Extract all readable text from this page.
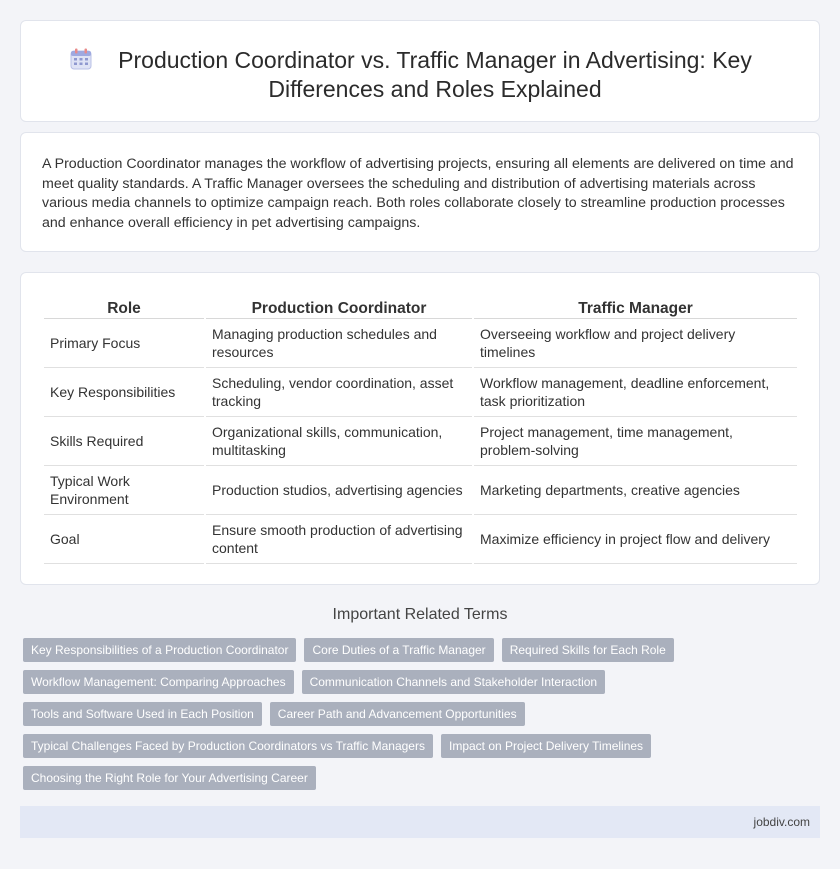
Production Coordinator vs. Traffic Manager in Advertising: Key Differences and Roles Explained

A Production Coordinator manages the workflow of advertising projects, ensuring all elements are delivered on time and meet quality standards. A Traffic Manager oversees the scheduling and distribution of advertising materials across various media channels to optimize campaign reach. Both roles collaborate closely to streamline production processes and enhance overall efficiency in pet advertising campaigns.

Role	Production Coordinator	Traffic Manager
Primary Focus	Managing production schedules and resources	Overseeing workflow and project delivery timelines
Key Responsibilities	Scheduling, vendor coordination, asset tracking	Workflow management, deadline enforcement, task prioritization
Skills Required	Organizational skills, communication, multitasking	Project management, time management, problem-solving
Typical Work Environment	Production studios, advertising agencies	Marketing departments, creative agencies
Goal	Ensure smooth production of advertising content	Maximize efficiency in project flow and delivery
Important Related Terms
Key Responsibilities of a Production Coordinator	Core Duties of a Traffic Manager	Required Skills for Each Role
Workflow Management: Comparing Approaches	Communication Channels and Stakeholder Interaction
Tools and Software Used in Each Position	Career Path and Advancement Opportunities
Typical Challenges Faced by Production Coordinators vs Traffic Managers	Impact on Project Delivery Timelines
Choosing the Right Role for Your Advertising Career
jobdiv.com
